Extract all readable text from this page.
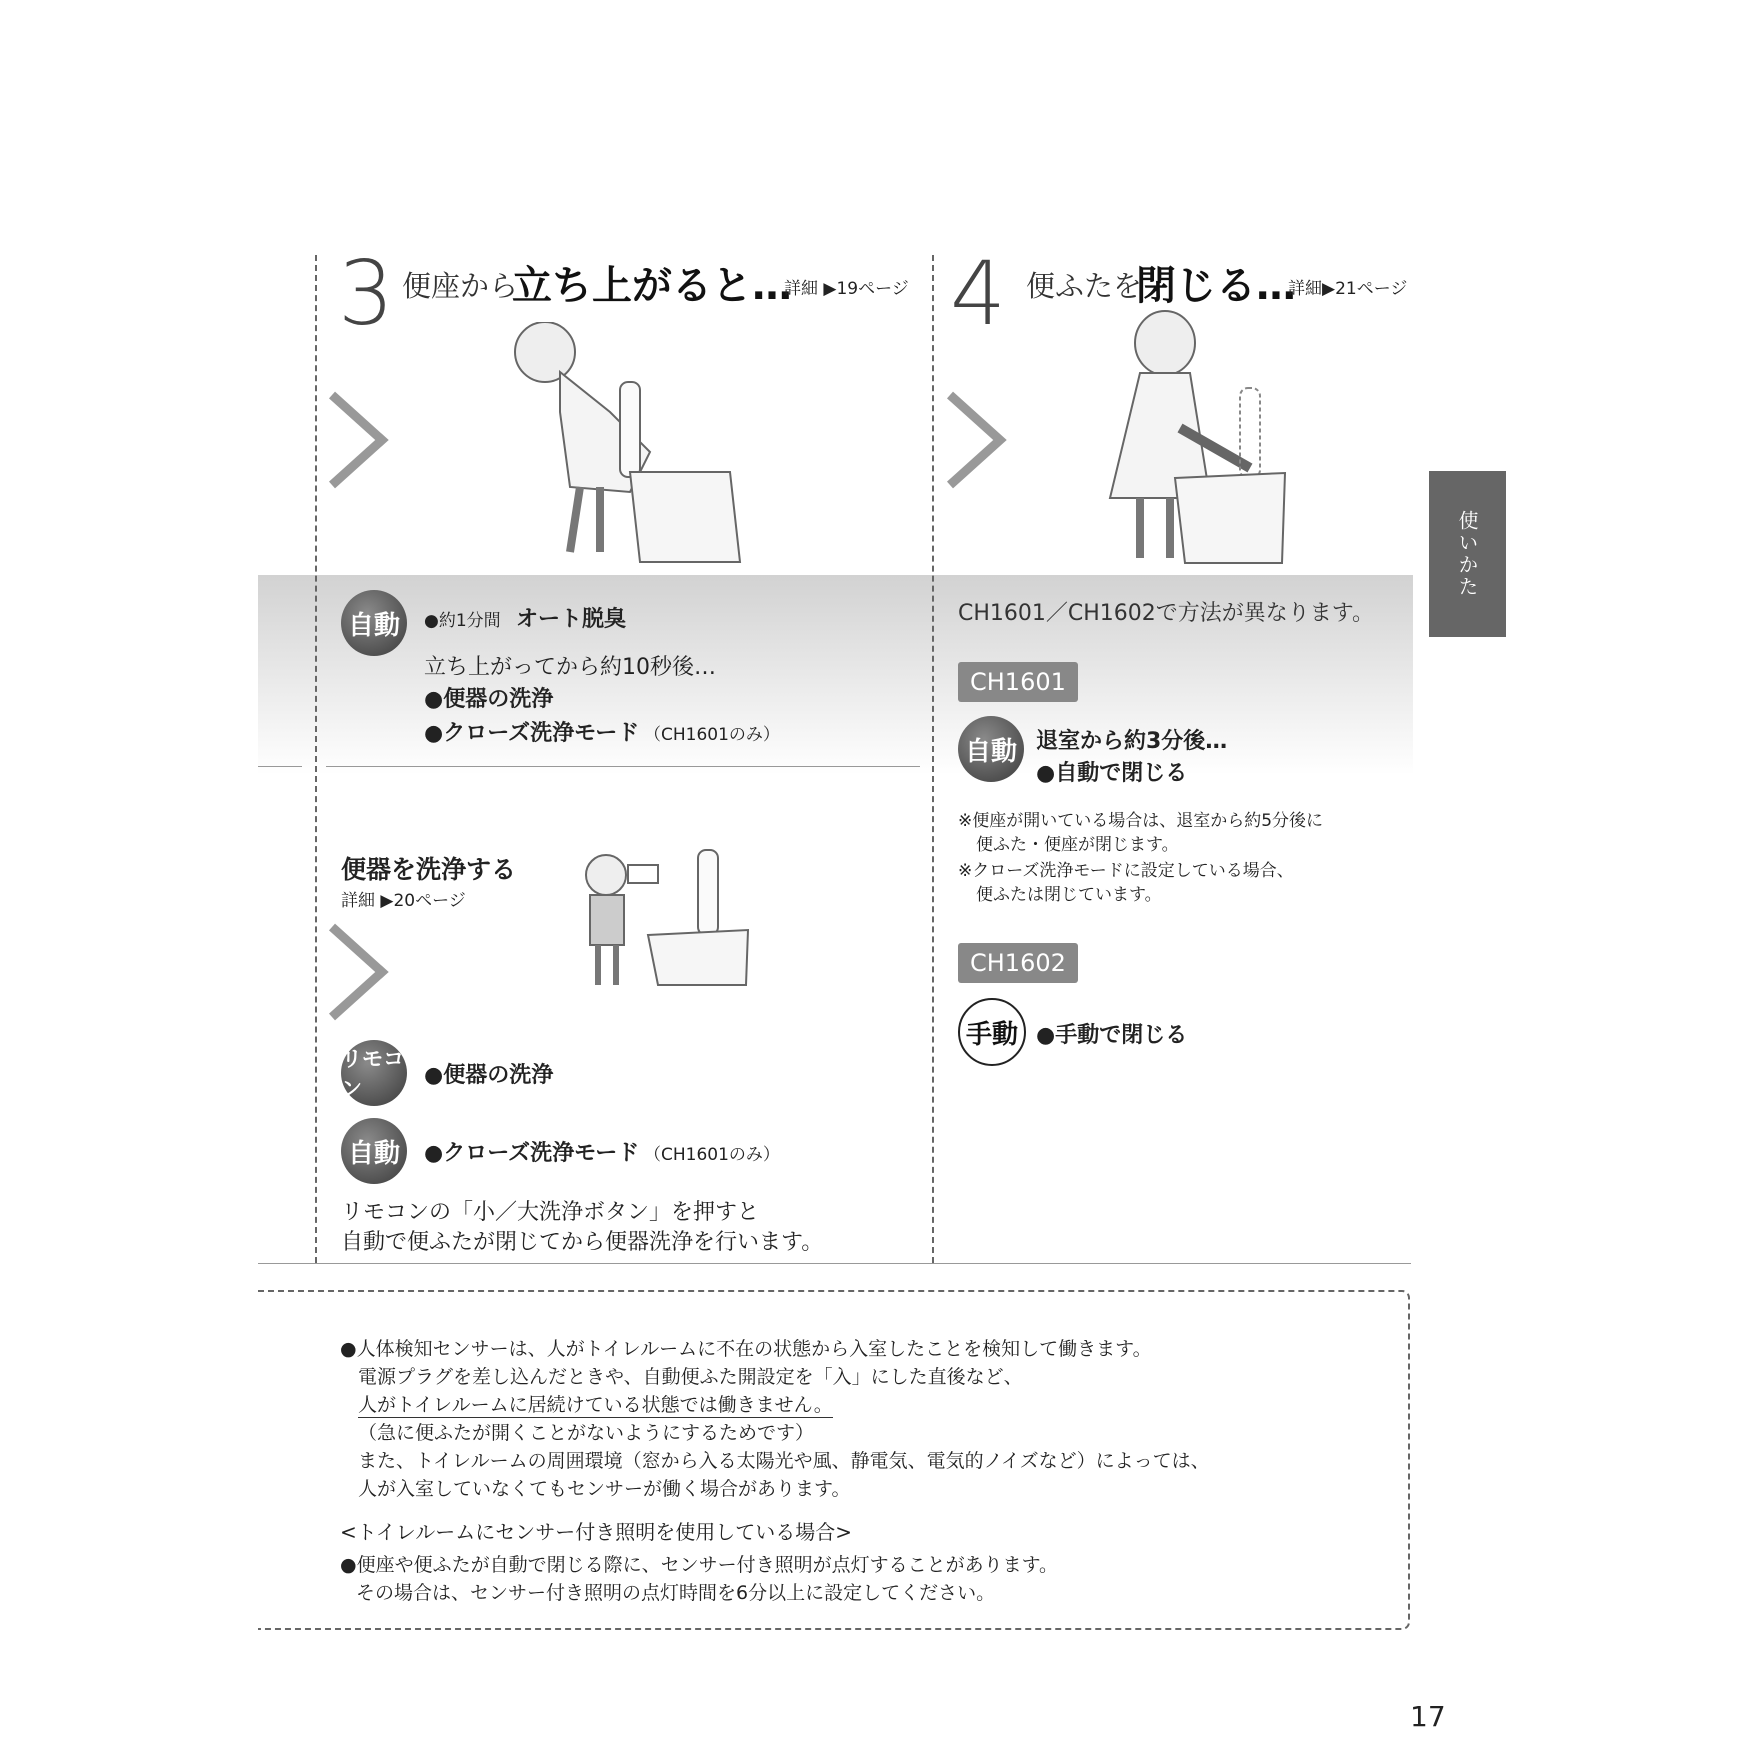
使いかた
3 便座から
立ち上がると…
詳細 ▶19ページ
自動	●約1分間 オート脱臭
立ち上がってから約10秒後…
●便器の洗浄
●クローズ洗浄モード （CH1601のみ）
便器を洗浄する
詳細 ▶20ページ
リモコン
●便器の洗浄
自動	●クローズ洗浄モード （CH1601のみ）
リモコンの「小／大洗浄ボタン」を押すと
自動で便ふたが閉じてから便器洗浄を行います。
4 便ふたを
閉じる…
詳細▶21ページ
CH1601／CH1602で方法が異なります。
CH1601
自動 退室から約3分後…
●自動で閉じる
※便座が開いている場合は、退室から約5分後に
便ふた・便座が閉じます。
※クローズ洗浄モードに設定している場合、
便ふたは閉じています。
CH1602
手動 ●手動で閉じる
●人体検知センサーは、人がトイレルームに不在の状態から入室したことを検知して働きます。
電源プラグを差し込んだときや、自動便ふた開設定を「入」にした直後など、
人がトイレルームに居続けている状態では働きません。
（急に便ふたが開くことがないようにするためです）
また、トイレルームの周囲環境（窓から入る太陽光や風、静電気、電気的ノイズなど）によっては、
人が入室していなくてもセンサーが働く場合があります。
<トイレルームにセンサー付き照明を使用している場合>
●便座や便ふたが自動で閉じる際に、センサー付き照明が点灯することがあります。
その場合は、センサー付き照明の点灯時間を6分以上に設定してください。
17
